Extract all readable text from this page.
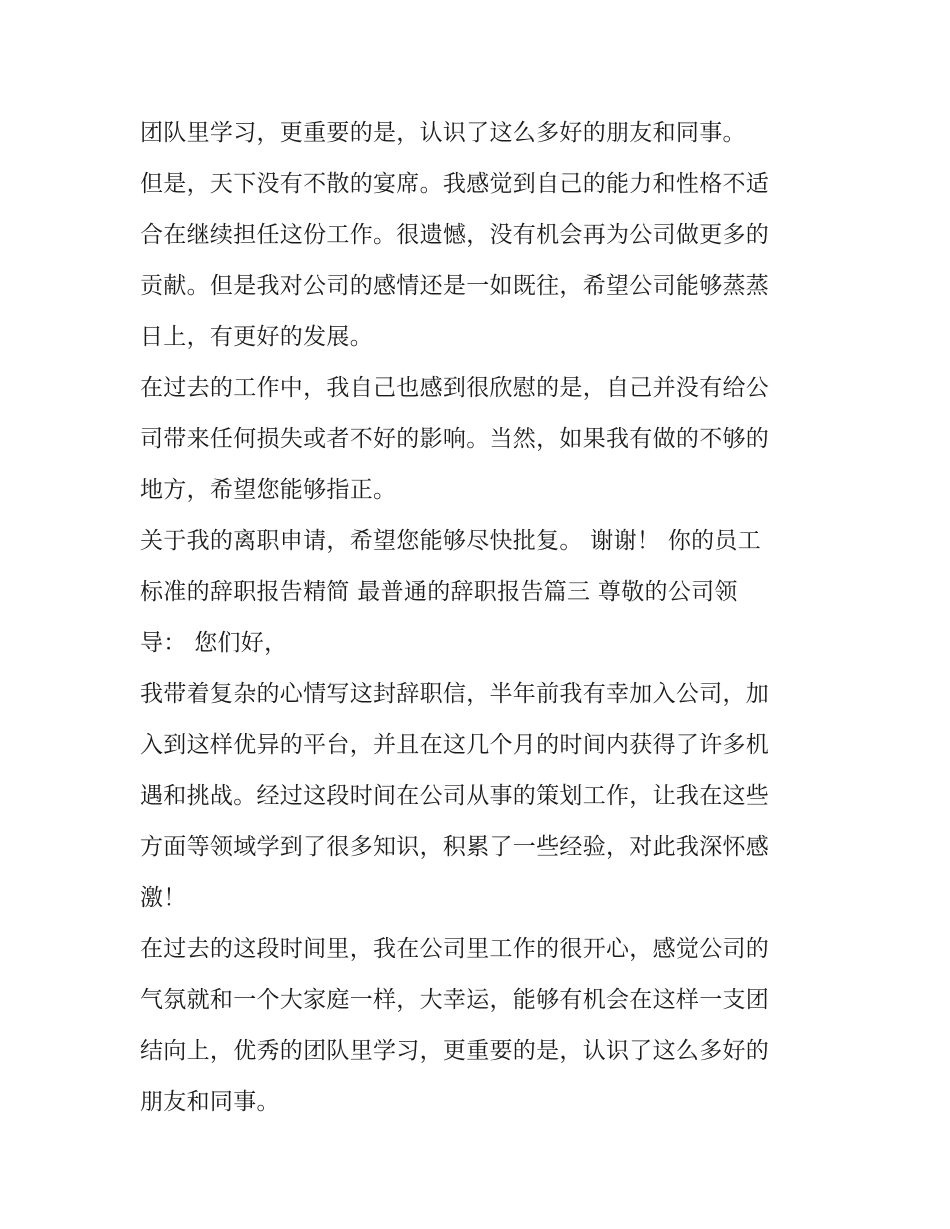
团队里学习，更重要的是，认识了这么多好的朋友和同事。
但是，天下没有不散的宴席。我感觉到自己的能力和性格不适
合在继续担任这份工作。很遗憾，没有机会再为公司做更多的
贡献。但是我对公司的感情还是一如既往，希望公司能够蒸蒸
日上，有更好的发展。
在过去的工作中，我自己也感到很欣慰的是，自己并没有给公
司带来任何损失或者不好的影响。当然，如果我有做的不够的
地方，希望您能够指正。
关于我的离职申请，希望您能够尽快批复。 谢谢！ 你的员工
标准的辞职报告精简 最普通的辞职报告篇三 尊敬的公司领
导： 您们好，
我带着复杂的心情写这封辞职信，半年前我有幸加入公司，加
入到这样优异的平台，并且在这几个月的时间内获得了许多机
遇和挑战。经过这段时间在公司从事的策划工作，让我在这些
方面等领域学到了很多知识，积累了一些经验，对此我深怀感
激！
在过去的这段时间里，我在公司里工作的很开心，感觉公司的
气氛就和一个大家庭一样，大幸运，能够有机会在这样一支团
结向上，优秀的团队里学习，更重要的是，认识了这么多好的
朋友和同事。
